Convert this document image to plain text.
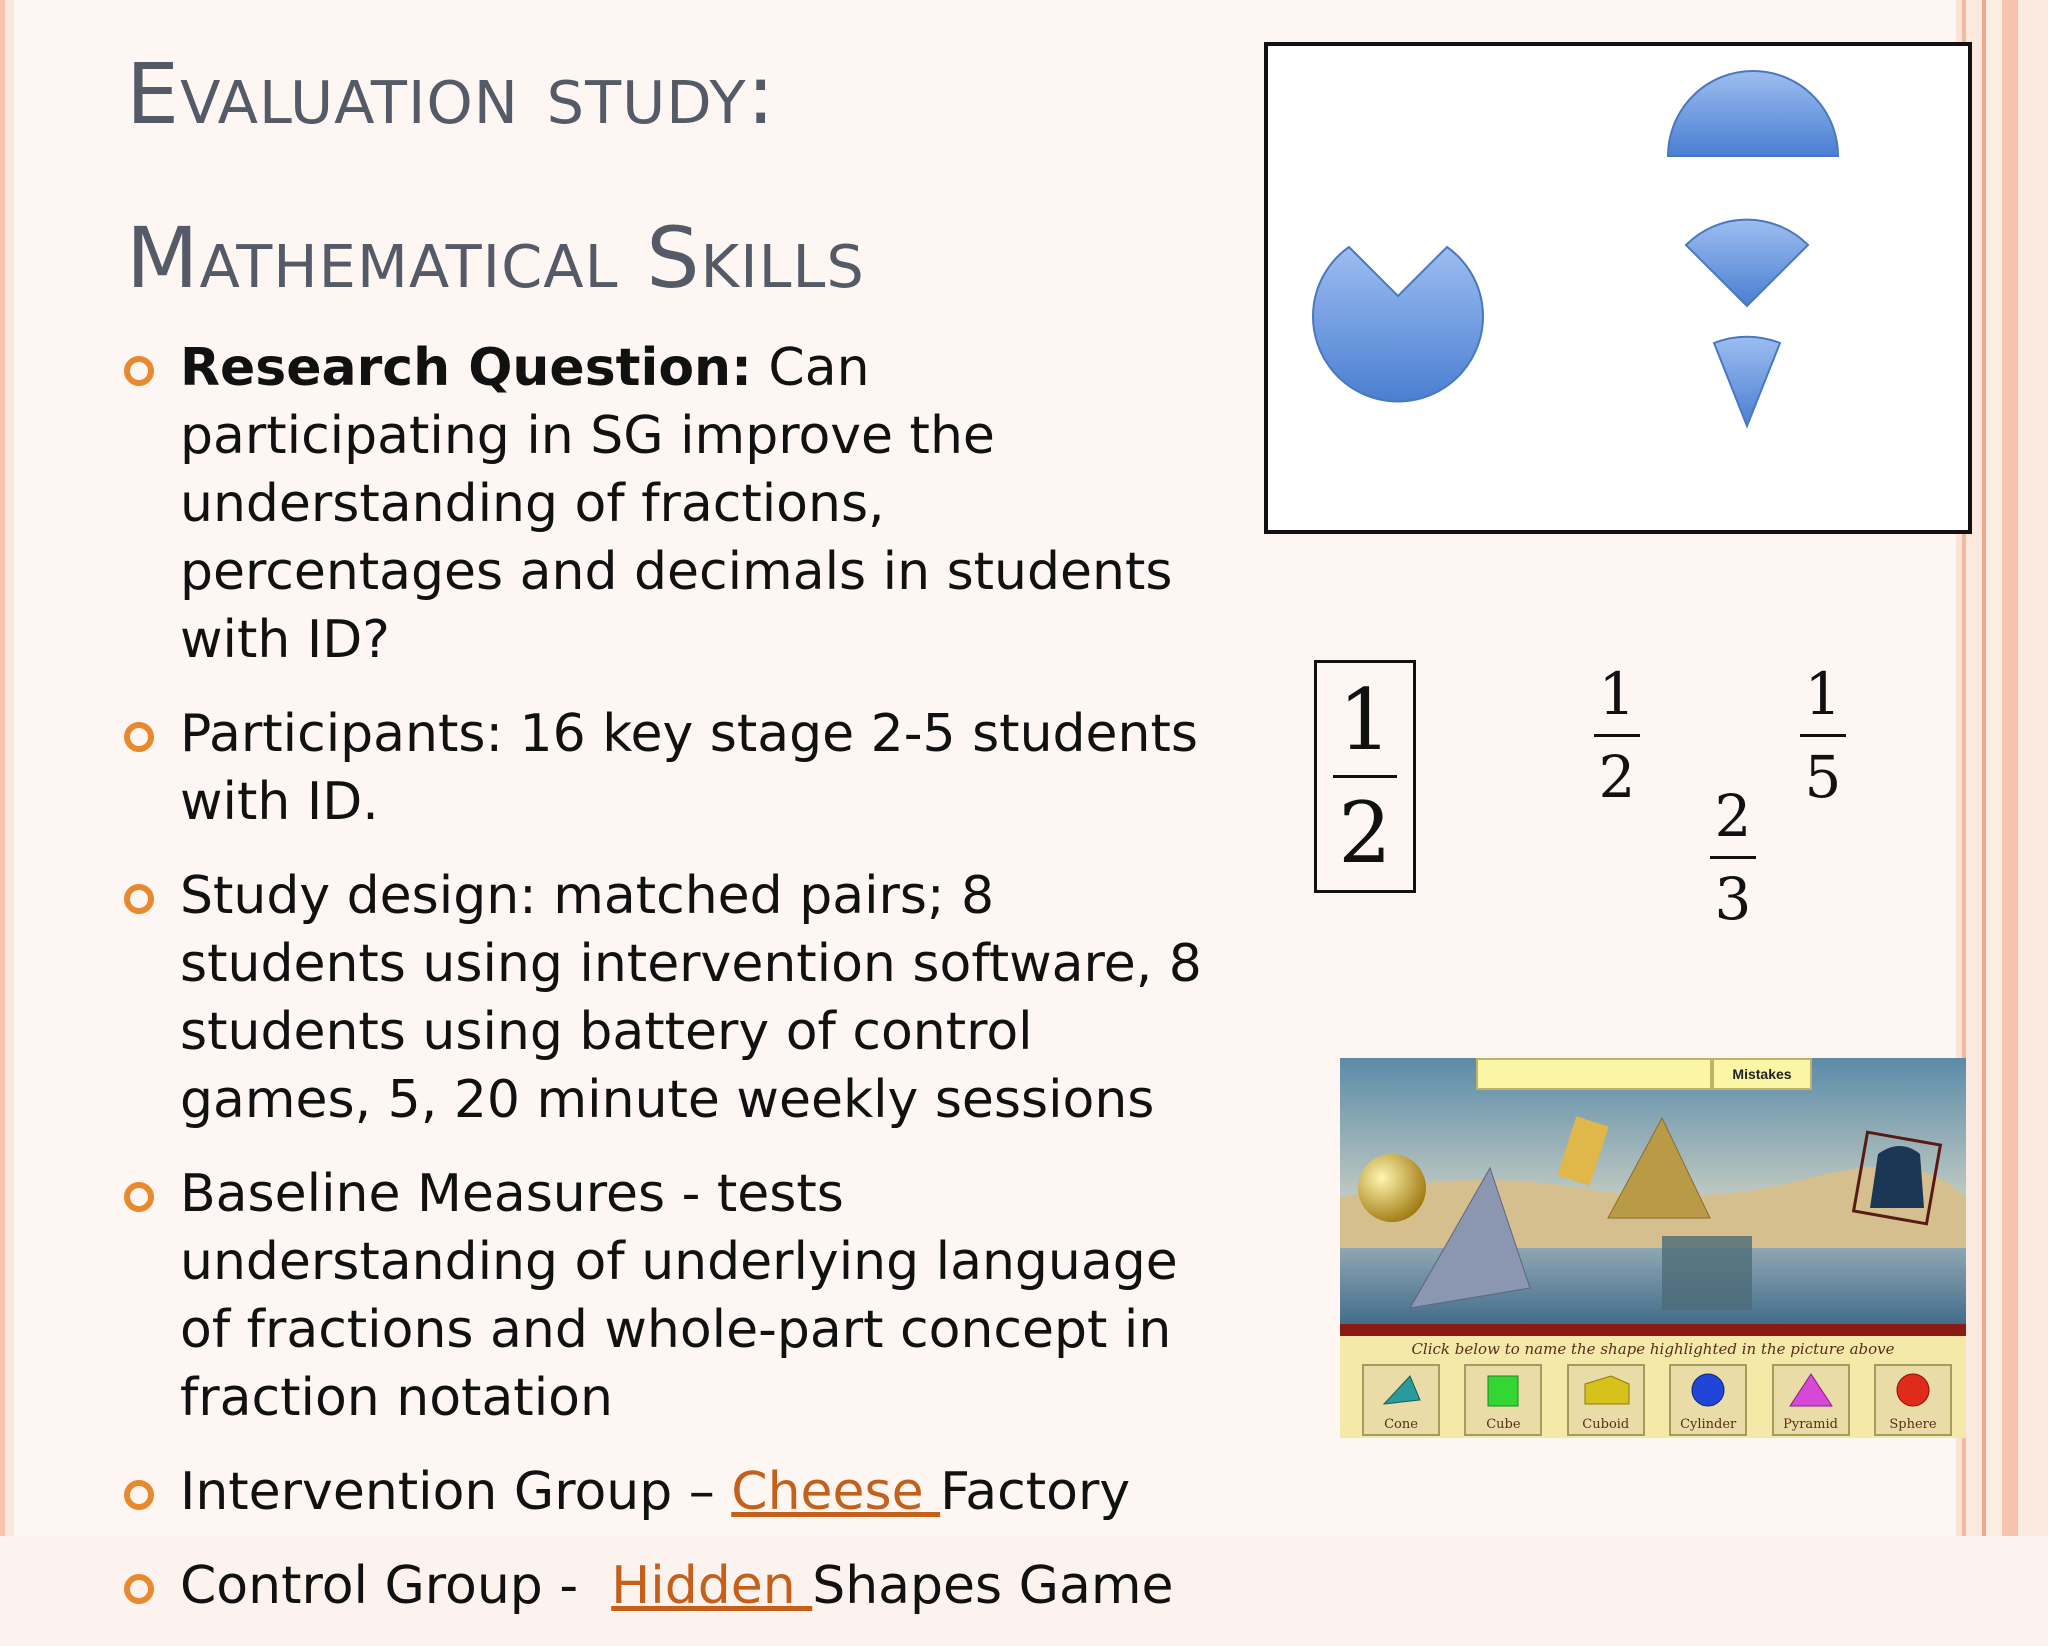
Evaluation study:
Mathematical Skills
Research Question: Can participating in SG improve the understanding of fractions, percentages and decimals in students with ID?
Participants: 16 key stage 2-5 students with ID.
Study design: matched pairs; 8 students using intervention software, 8 students using battery of control games, 5, 20 minute weekly sessions
Baseline Measures - tests understanding of underlying language of fractions and whole-part concept in fraction notation
Intervention Group – Cheese Factory
Control Group -  Hidden Shapes Game
1
2
1
2
1
5
2
3
Mistakes
Click below to name the shape highlighted in the picture above
Cone	Cube	Cuboid	Cylinder	Pyramid	Sphere
